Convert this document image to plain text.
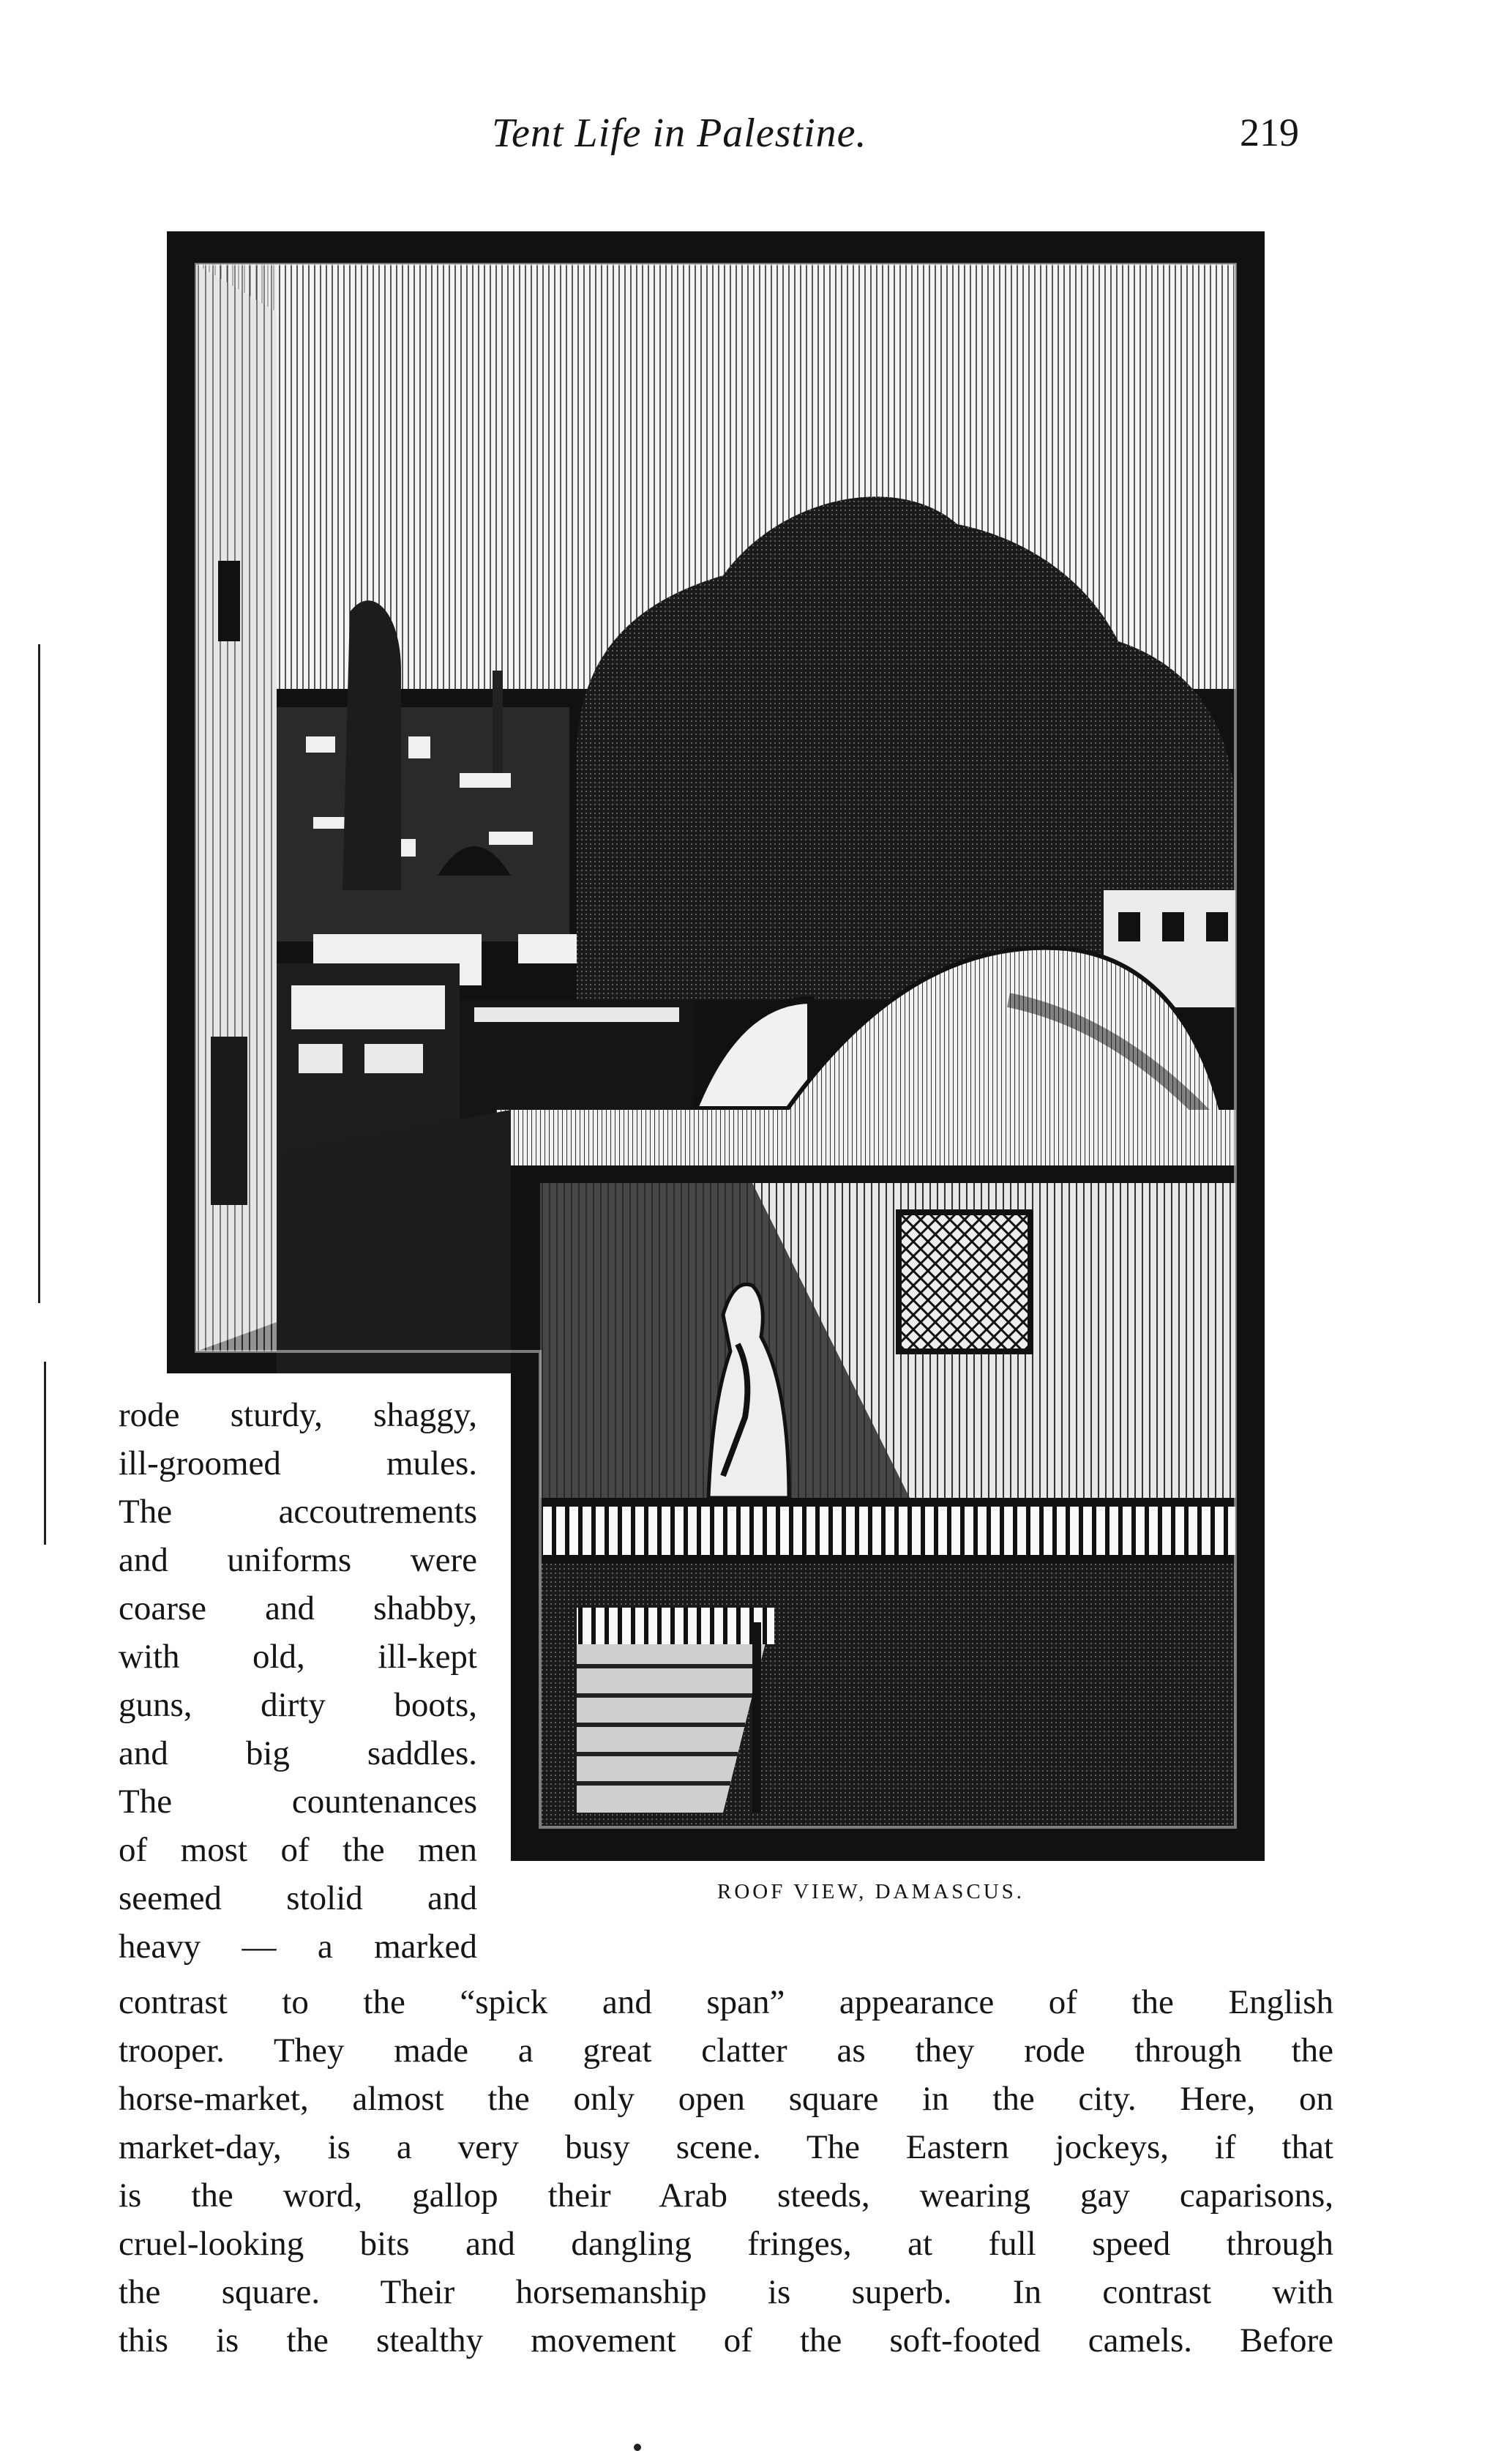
Tent Life in Palestine.	219
ROOF VIEW, DAMASCUS.
rode sturdy, shaggy,
ill-groomed mules.
The accoutrements
and uniforms were
coarse and shabby,
with old, ill-kept
guns, dirty boots,
and big saddles.
The countenances
of most of the men
seemed stolid and
heavy — a marked
contrast to the “spick and span” appearance of the English
trooper. They made a great clatter as they rode through the
horse-market, almost the only open square in the city. Here, on
market-day, is a very busy scene. The Eastern jockeys, if that
is the word, gallop their Arab steeds, wearing gay caparisons,
cruel-looking bits and dangling fringes, at full speed through
the square. Their horsemanship is superb. In contrast with
this is the stealthy movement of the soft-footed camels. Before
